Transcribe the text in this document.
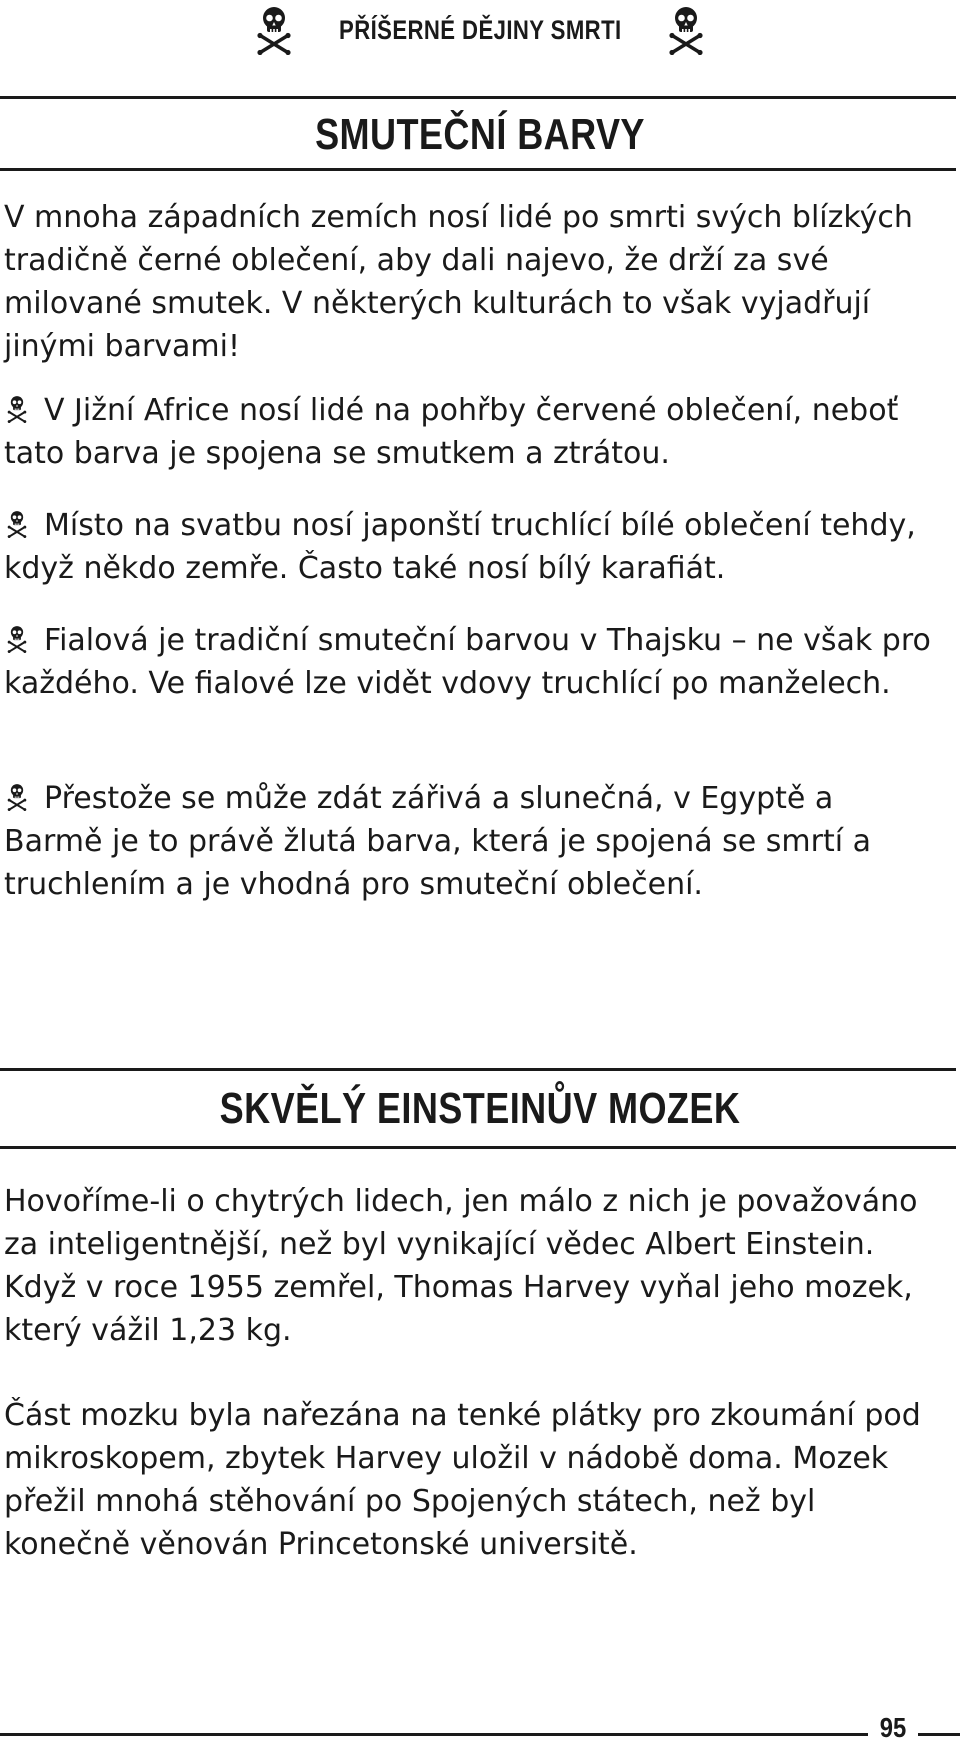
PŘÍŠERNÉ DĚJINY SMRTI
SMUTEČNÍ BARVY

V mnoha západních zemích nosí lidé po smrti svých blízkých tradičně černé oblečení, aby dali najevo, že drží za své milované smutek. V některých kulturách to však vyjadřují jinými barvami!

V Jižní Africe nosí lidé na pohřby červené oblečení, neboť tato barva je spojena se smutkem a ztrátou.

Místo na svatbu nosí japonští truchlící bílé oblečení tehdy, když někdo zemře. Často také nosí bílý karafiát.

Fialová je tradiční smuteční barvou v Thajsku – ne však pro každého. Ve fialové lze vidět vdovy truchlící po manželech.

Přestože se může zdát zářivá a slunečná, v Egyptě a Barmě je to právě žlutá barva, která je spojená se smrtí a truchlením a je vhodná pro smuteční oblečení.

SKVĚLÝ EINSTEINŮV MOZEK

Hovoříme-li o chytrých lidech, jen málo z nich je považováno za inteligentnější, než byl vynikající vědec Albert Einstein. Když v roce 1955 zemřel, Thomas Harvey vyňal jeho mozek, který vážil 1,23 kg.

Část mozku byla nařezána na tenké plátky pro zkoumání pod mikroskopem, zbytek Harvey uložil v nádobě doma. Mozek přežil mnohá stěhování po Spojených státech, než byl konečně věnován Princetonské universitě.

95
